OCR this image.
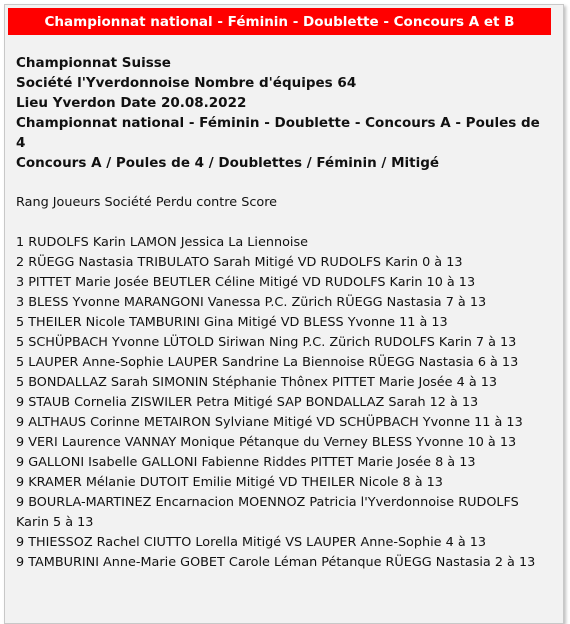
Championnat national - Féminin - Doublette - Concours A et B
Championnat Suisse
Société l'Yverdonnoise Nombre d'équipes 64
Lieu Yverdon Date 20.08.2022
Championnat national - Féminin - Doublette - Concours A - Poules de 4
Concours A / Poules de 4 / Doublettes / Féminin / Mitigé
Rang Joueurs Société Perdu contre Score
1 RUDOLFS Karin LAMON Jessica La Liennoise
2 RÜEGG Nastasia TRIBULATO Sarah Mitigé VD RUDOLFS Karin 0 à 13
3 PITTET Marie Josée BEUTLER Céline Mitigé VD RUDOLFS Karin 10 à 13
3 BLESS Yvonne MARANGONI Vanessa P.C. Zürich RÜEGG Nastasia 7 à 13
5 THEILER Nicole TAMBURINI Gina Mitigé VD BLESS Yvonne 11 à 13
5 SCHÜPBACH Yvonne LÜTOLD Siriwan Ning P.C. Zürich RUDOLFS Karin 7 à 13
5 LAUPER Anne-Sophie LAUPER Sandrine La Biennoise RÜEGG Nastasia 6 à 13
5 BONDALLAZ Sarah SIMONIN Stéphanie Thônex PITTET Marie Josée 4 à 13
9 STAUB Cornelia ZISWILER Petra Mitigé SAP BONDALLAZ Sarah 12 à 13
9 ALTHAUS Corinne METAIRON Sylviane Mitigé VD SCHÜPBACH Yvonne 11 à 13
9 VERI Laurence VANNAY Monique Pétanque du Verney BLESS Yvonne 10 à 13
9 GALLONI Isabelle GALLONI Fabienne Riddes PITTET Marie Josée 8 à 13
9 KRAMER Mélanie DUTOIT Emilie Mitigé VD THEILER Nicole 8 à 13
9 BOURLA-MARTINEZ Encarnacion MOENNOZ Patricia l'Yverdonnoise RUDOLFS Karin 5 à 13
9 THIESSOZ Rachel CIUTTO Lorella Mitigé VS LAUPER Anne-Sophie 4 à 13
9 TAMBURINI Anne-Marie GOBET Carole Léman Pétanque RÜEGG Nastasia 2 à 13
